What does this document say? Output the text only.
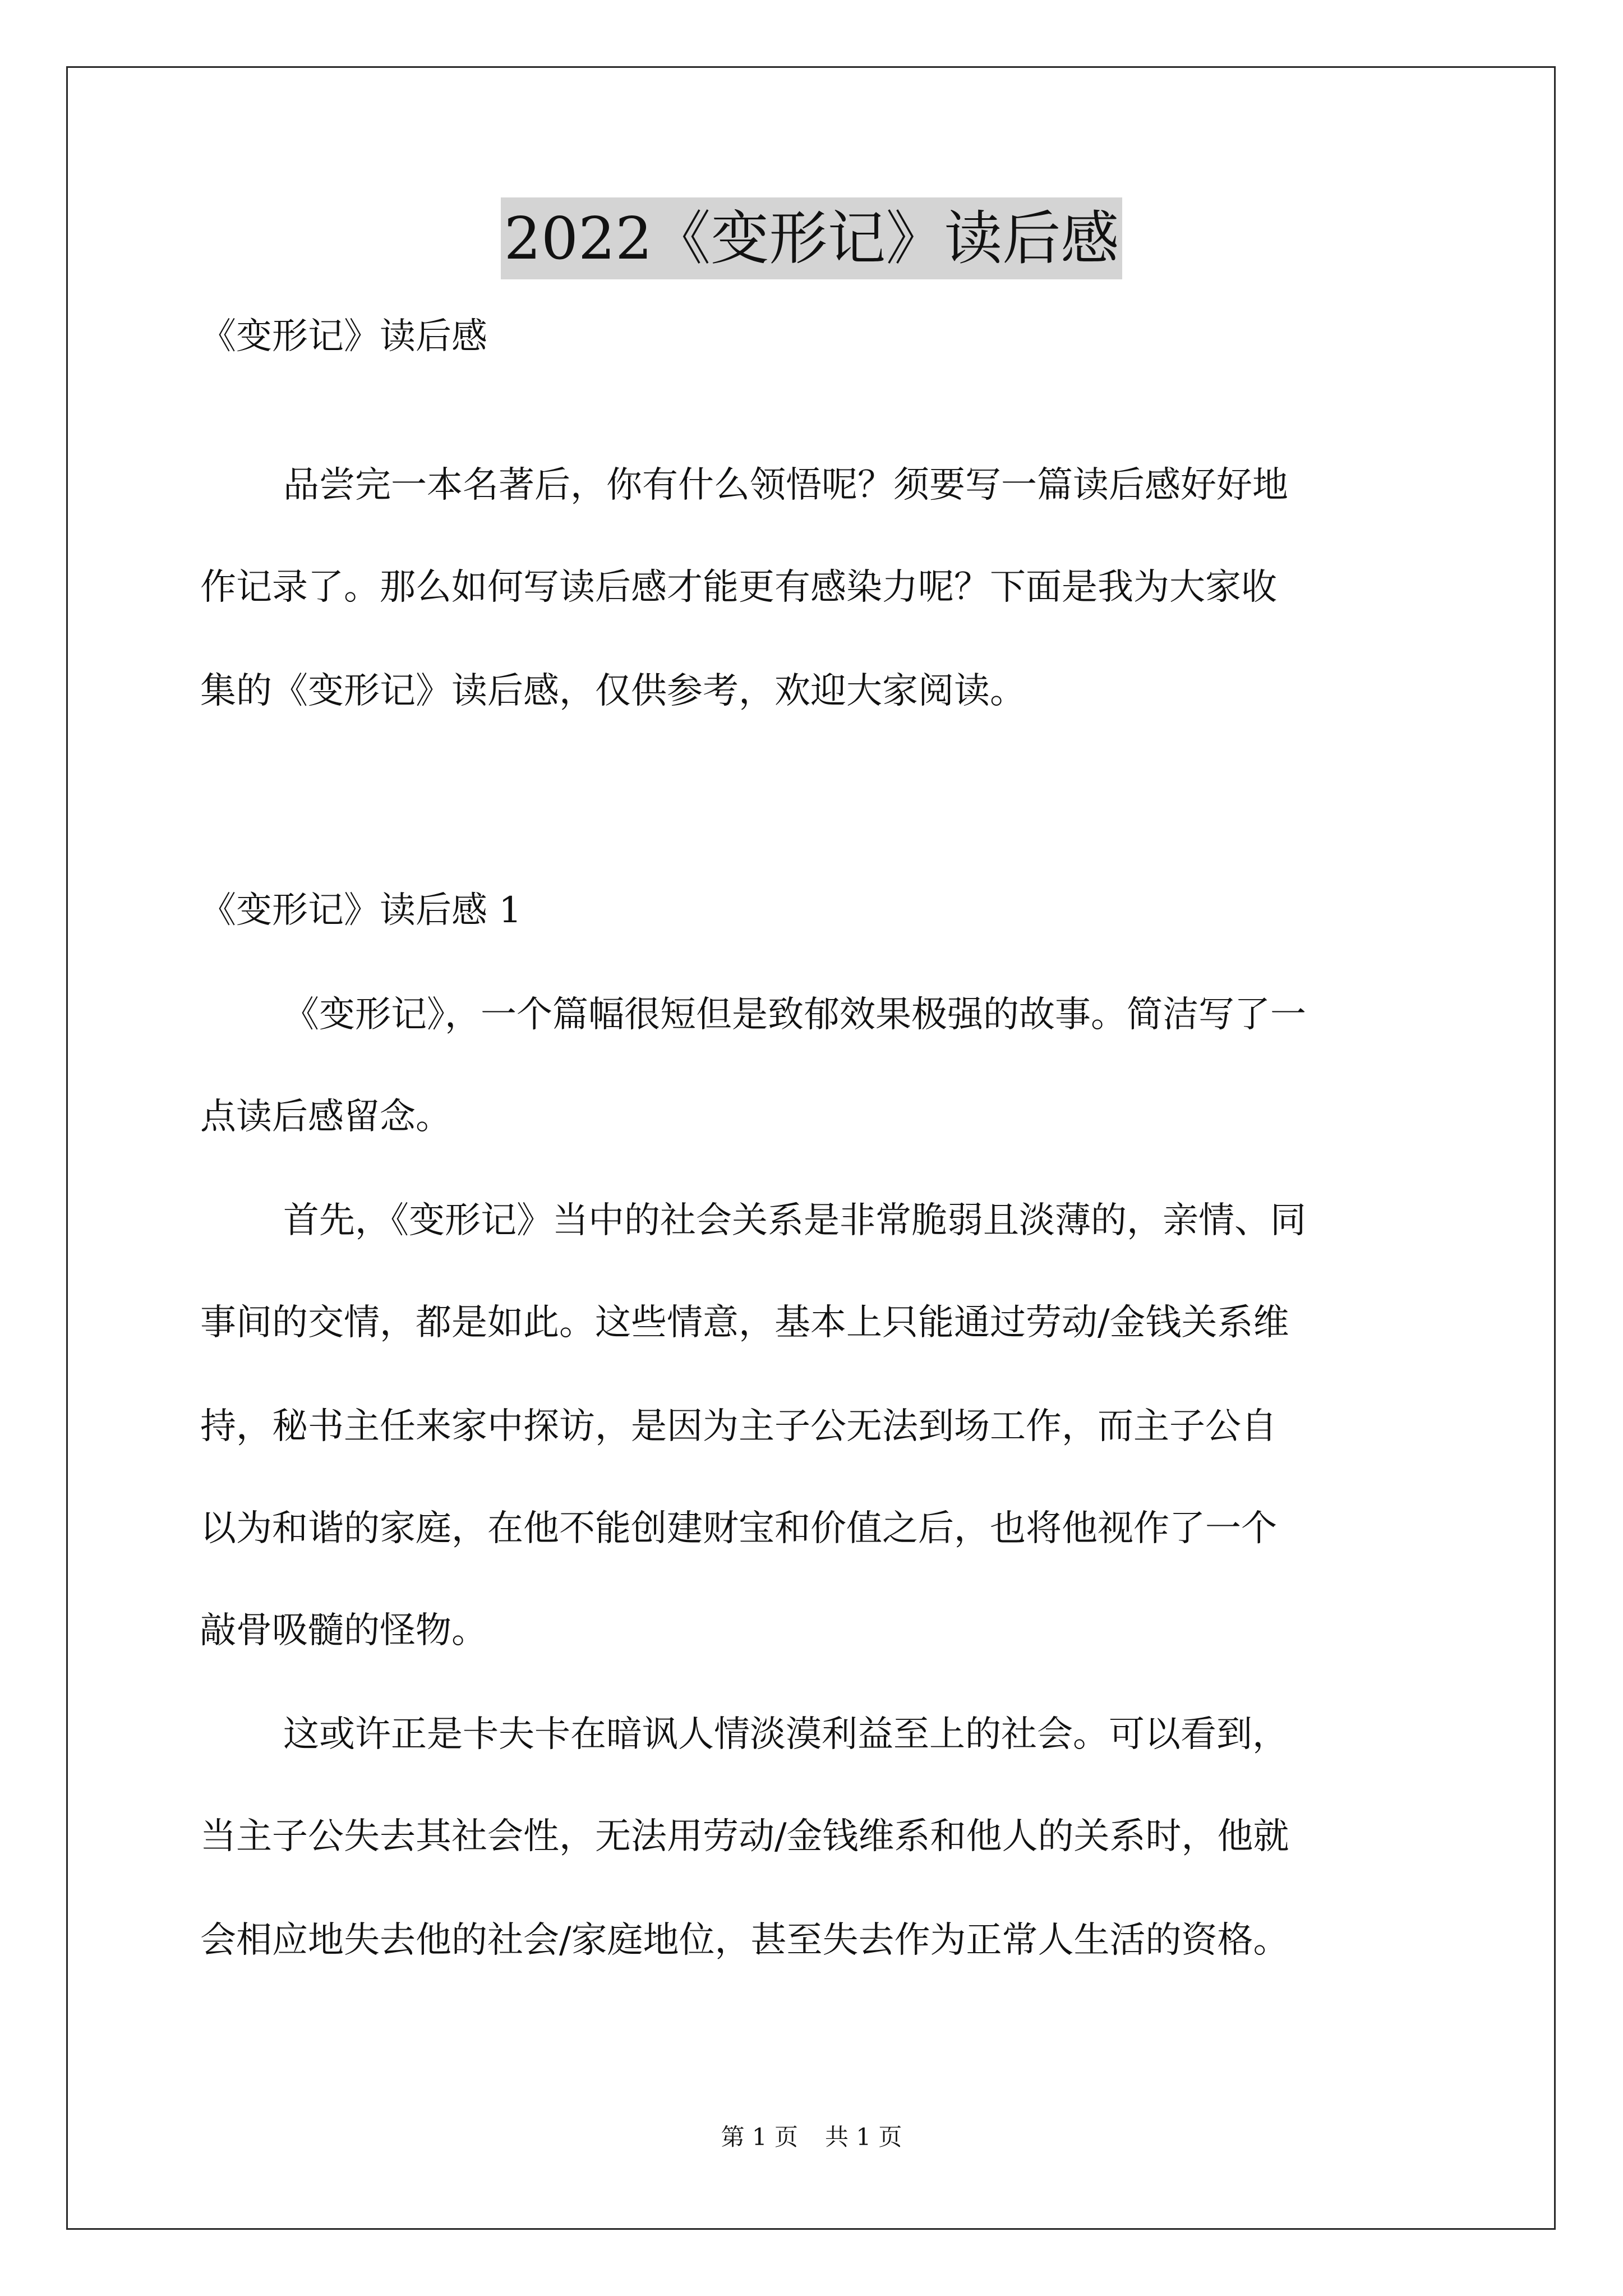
2022《变形记》读后感
《变形记》读后感
品尝完一本名著后，你有什么领悟呢？须要写一篇读后感好好地
作记录了。那么如何写读后感才能更有感染力呢？下面是我为大家收
集的《变形记》读后感，仅供参考，欢迎大家阅读。
《变形记》读后感 1
《变形记》，一个篇幅很短但是致郁效果极强的故事。简洁写了一
点读后感留念。
首先，《变形记》当中的社会关系是非常脆弱且淡薄的，亲情、同
事间的交情，都是如此。这些情意，基本上只能通过劳动/金钱关系维
持，秘书主任来家中探访，是因为主子公无法到场工作，而主子公自
以为和谐的家庭，在他不能创建财宝和价值之后，也将他视作了一个
敲骨吸髓的怪物。
这或许正是卡夫卡在暗讽人情淡漠利益至上的社会。可以看到，
当主子公失去其社会性，无法用劳动/金钱维系和他人的关系时，他就
会相应地失去他的社会/家庭地位，甚至失去作为正常人生活的资格。
第 1 页 共 1 页
